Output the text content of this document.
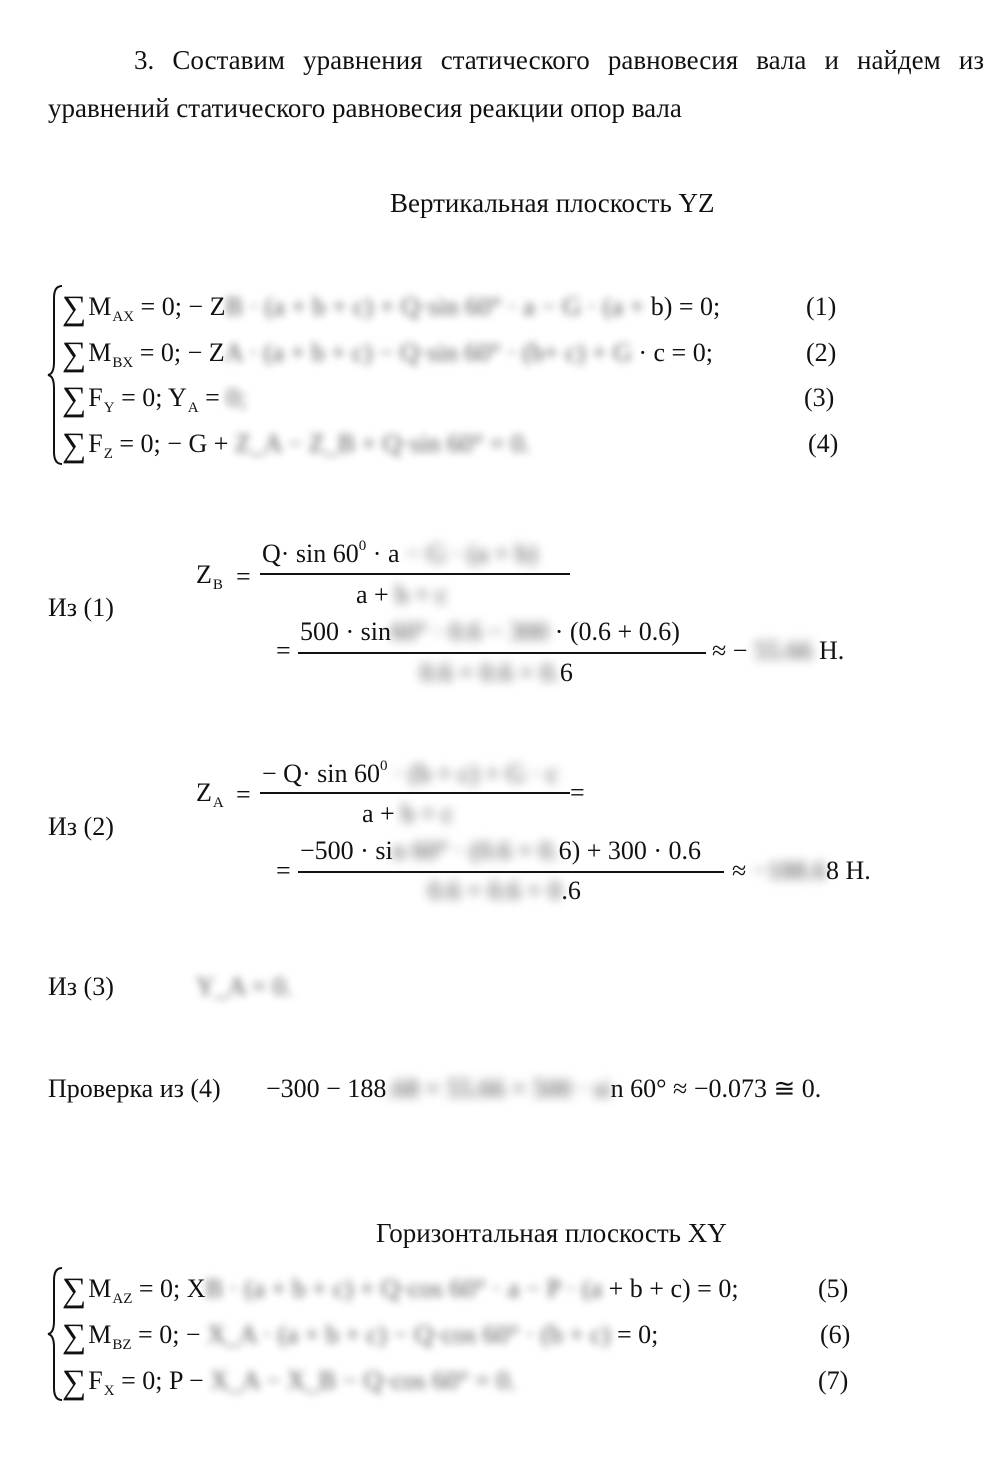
3. Составим уравнения статического равновесия вала и найдем из уравнений статического равновесия реакции опор вала
Вертикальная плоскость YZ
$\sum M_{AX} = 0$; − ZB · (a + b + c) + Q·sin 60° · a − G · (a + b) = 0;	(1)
$\sum M_{BX} = 0$; − ZA · (a + b + c) − Q·sin 60° · (b+ c) + G · c = 0;	(2)
$\sum F_Y = 0$; $Y_A = 0$;	(3)
$\sum F_Z = 0$; − G + Z_A − Z_B + Q·sin 60° = 0.	(4)
Из (1)
$Z_B$ =
$Q\cdot \sin 60^0 \cdot a - G \cdot (a + b)$
a + b + c
=
500 · sin60° · 0.6 − 300 · (0.6 + 0.6)
0.6 + 0.6 + 0.6
≈ − 55.66 Н.
Из (2)
$Z_A$ =
− $Q\cdot \sin 60^0 \cdot (b + c) + G \cdot c$
a + b + c
=
=
−500 · sin 60° · (0.6 + 0.6) + 300 · 0.6
0.6 + 0.6 + 0.6
≈ −188.68 Н.
Из (3)	Y_A = 0.
Проверка из (4) −300 − 188.68 + 55.66 + 500 · sin 60° ≈ −0.073 ≅ 0.
Горизонтальная плоскость XY
$\sum M_{AZ} = 0$; XB · (a + b + c) + Q·cos 60° · a − P · (a + b + c) = 0;	(5)
$\sum M_{BZ} = 0$; − X_A · (a + b + c) − Q·cos 60° · (b + c) = 0;	(6)
$\sum F_X = 0$; P − X_A − X_B − Q·cos 60° = 0.	(7)
